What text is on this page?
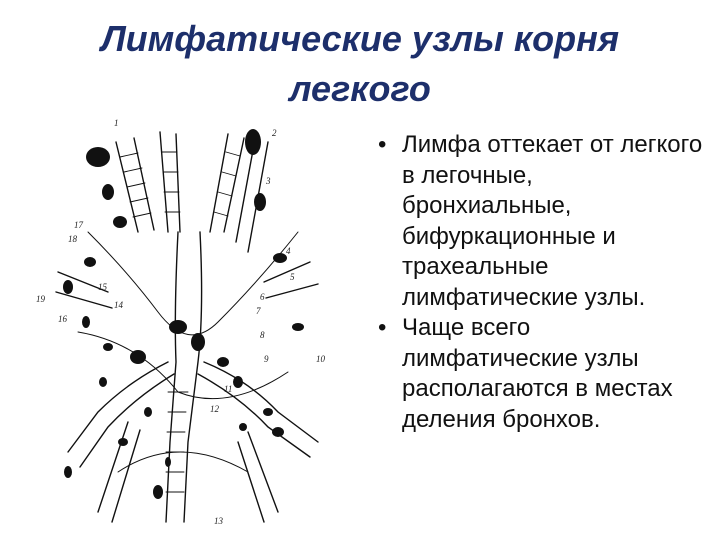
Лимфатические узлы корня
легкого
1
2
3
4
5
6
7
8
9	10
11
12
13
14
15
16
17
18
19
• Лимфа оттекает от легкого в легочные, бронхиальные, бифуркационные и трахеальные лимфатические узлы.
• Чаще всего лимфатические узлы располагаются в местах деления бронхов.
